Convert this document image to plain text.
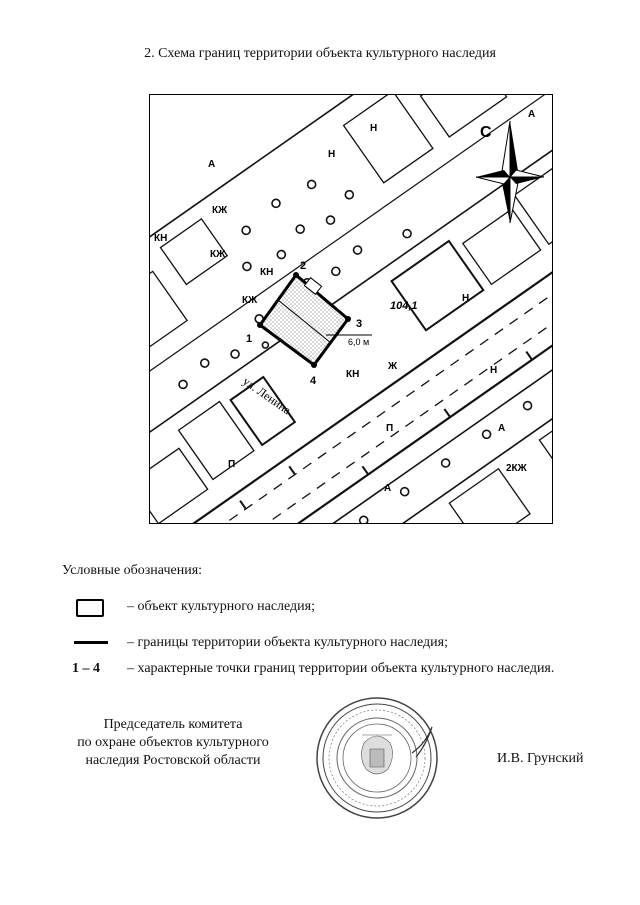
2. Схема границ территории объекта культурного наследия
1
2
3
4
6,0 м
104,1
ул. Ленина
КЖ
КЖ
КЖ
КН
КН
КН
Ж
Н
Н
Н
Н
А
А
А
А
2КЖ
П
П
С
Условные обозначения:
– объект культурного наследия;
– границы территории объекта культурного наследия;
1 – 4 – характерные точки границ территории объекта культурного наследия.
Председатель комитета
по охране объектов культурного
наследия Ростовской области	И.В. Грунский
